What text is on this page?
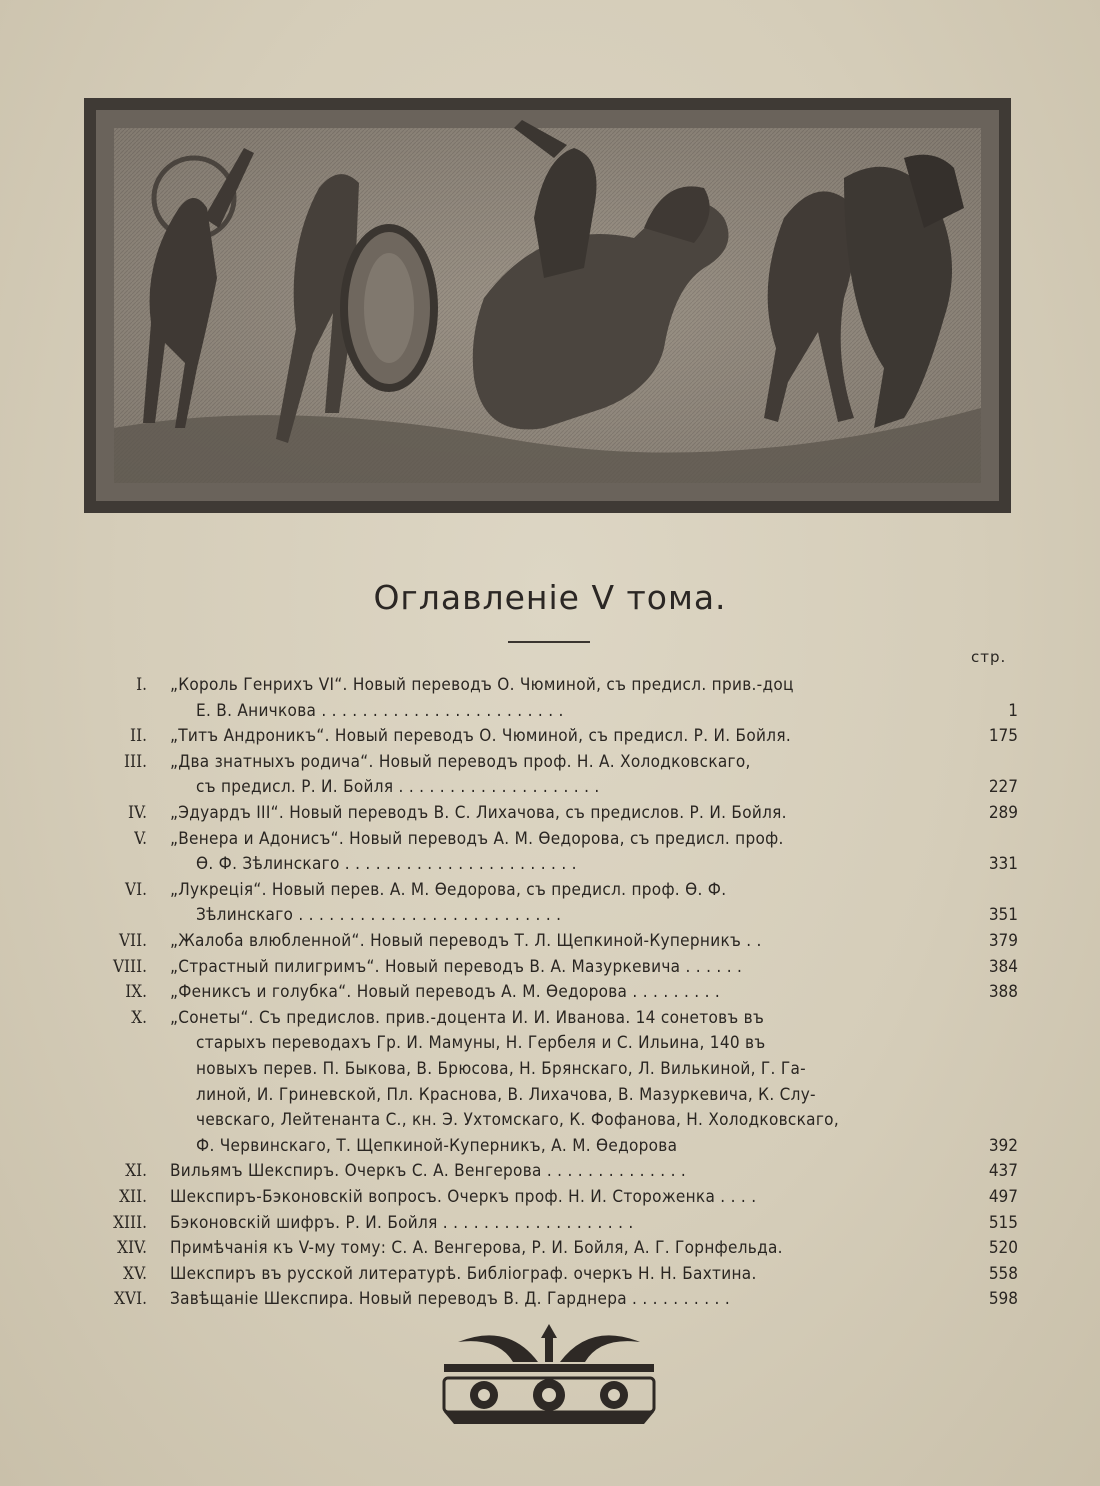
Оглавленіе V тома.
стр.
I. „Король Генрихъ VI“. Новый переводъ О. Чюминой, съ предисл. прив.-доц
Е. В. Аничкова . . . . . . . . . . . . . . . . . . . . . . . .	1
II. „Титъ Андроникъ“. Новый переводъ О. Чюминой, съ предисл. Р. И. Бойля.	175
III. „Два знатныхъ родича“. Новый переводъ проф. Н. А. Холодковскаго,
съ предисл. Р. И. Бойля . . . . . . . . . . . . . . . . . . . .	227
IV. „Эдуардъ III“. Новый переводъ В. С. Лихачова, съ предислов. Р. И. Бойля.	289
V. „Венера и Адонисъ“. Новый переводъ А. М. Өедорова, съ предисл. проф.
Ө. Ф. Зѣлинскаго . . . . . . . . . . . . . . . . . . . . . . .	331
VI. „Лукреція“. Новый перев. А. М. Өедорова, съ предисл. проф. Ө. Ф.
Зѣлинскаго . . . . . . . . . . . . . . . . . . . . . . . . . .	351
VII. „Жалоба влюбленной“. Новый переводъ Т. Л. Щепкиной-Куперникъ . .	379
VIII. „Страстный пилигримъ“. Новый переводъ В. А. Мазуркевича . . . . . .	384
IX. „Фениксъ и голубка“. Новый переводъ А. М. Өедорова . . . . . . . . .	388
X. „Сонеты“. Съ предислов. прив.-доцента И. И. Иванова. 14 сонетовъ въ
старыхъ переводахъ Гр. И. Мамуны, Н. Гербеля и С. Ильина, 140 въ
новыхъ перев. П. Быкова, В. Брюсова, Н. Брянскаго, Л. Вилькиной, Г. Га-
линой, И. Гриневской, Пл. Краснова, В. Лихачова, В. Мазуркевича, К. Слу-
чевскаго, Лейтенанта С., кн. Э. Ухтомскаго, К. Фофанова, Н. Холодковскаго,
Ф. Червинскаго, Т. Щепкиной-Куперникъ, А. М. Өедорова	392
XI. Вильямъ Шекспиръ. Очеркъ С. А. Венгерова . . . . . . . . . . . . . .	437
XII. Шекспиръ-Бэконовскій вопросъ. Очеркъ проф. Н. И. Стороженка . . . .	497
XIII. Бэконовскій шифръ. Р. И. Бойля . . . . . . . . . . . . . . . . . . .	515
XIV. Примѣчанія къ V-му тому: С. А. Венгерова, Р. И. Бойля, А. Г. Горнфельда.	520
XV. Шекспиръ въ русской литературѣ. Библіограф. очеркъ Н. Н. Бахтина.	558
XVI. Завѣщаніе Шекспира. Новый переводъ В. Д. Гарднера . . . . . . . . . .	598
